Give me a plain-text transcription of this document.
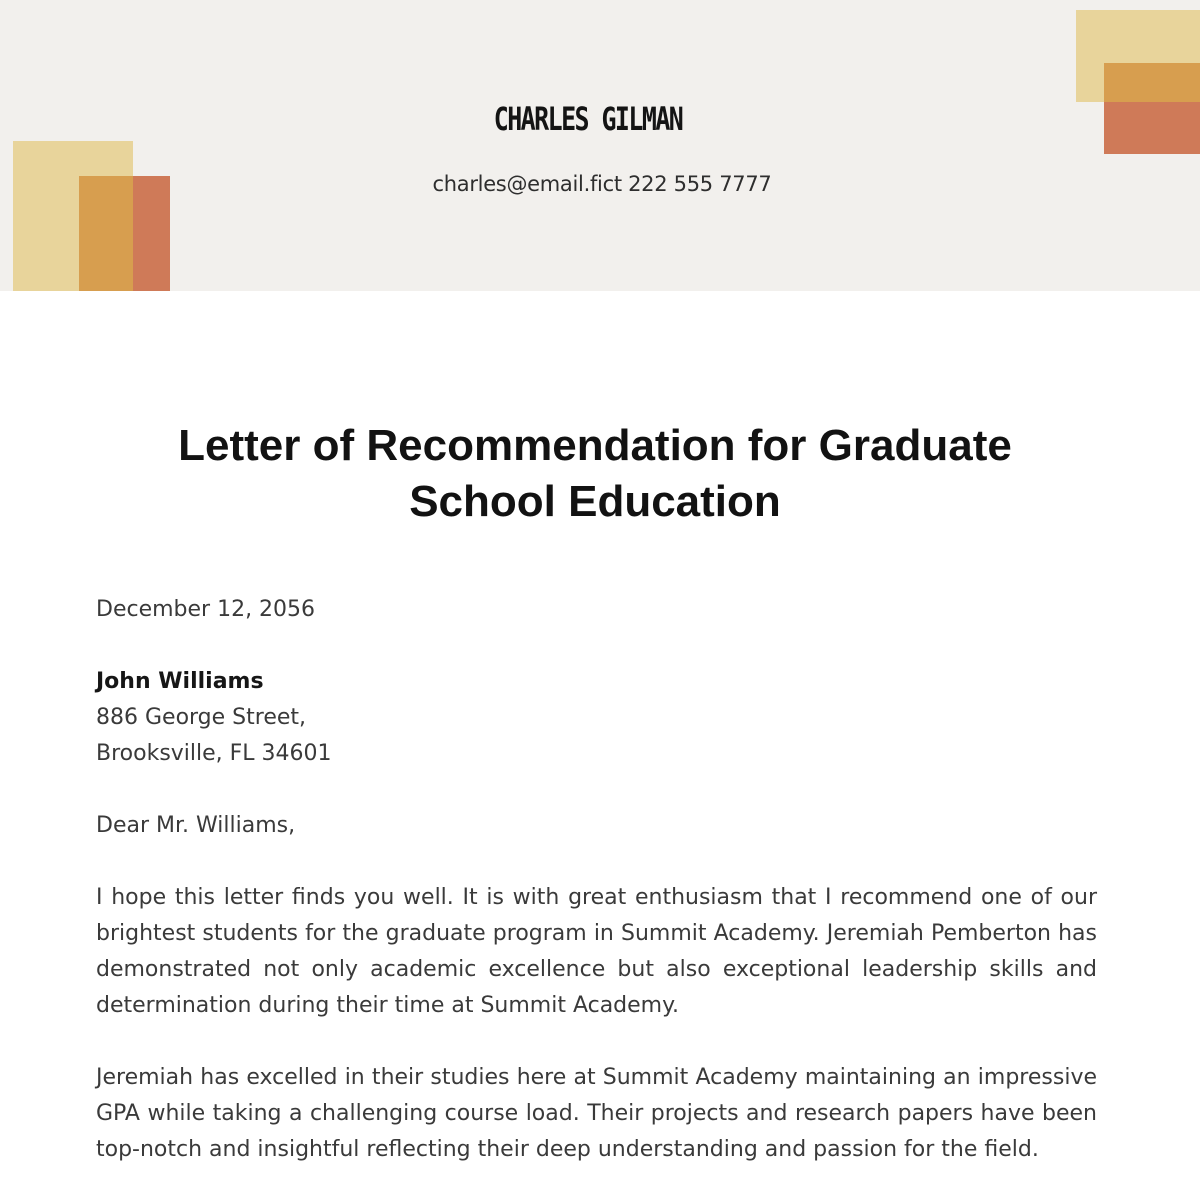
CHARLES GILMAN
charles@email.fict 222 555 7777
Letter of Recommendation for Graduate School Education

December 12, 2056

John Williams
886 George Street,
Brooksville, FL 34601

Dear Mr. Williams,

I hope this letter finds you well. It is with great enthusiasm that I recommend one of our brightest students for the graduate program in Summit Academy. Jeremiah Pemberton has demonstrated not only academic excellence but also exceptional leadership skills and determination during their time at Summit Academy.

Jeremiah has excelled in their studies here at Summit Academy maintaining an impressive GPA while taking a challenging course load. Their projects and research papers have been top-notch and insightful reflecting their deep understanding and passion for the field.
